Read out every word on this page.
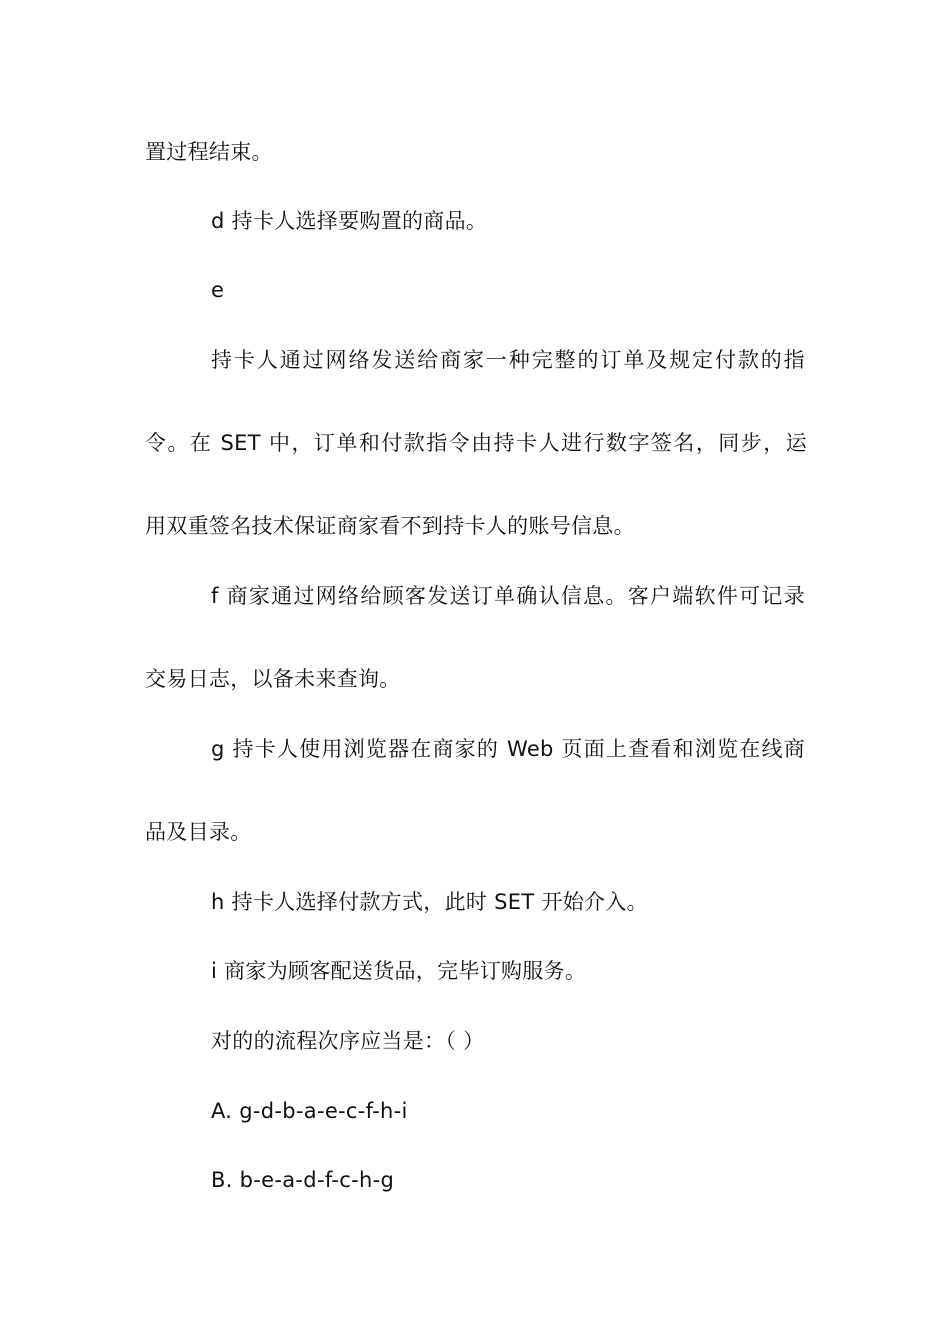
置过程结束。
d 持卡人选择要购置的商品。
e
持卡人通过网络发送给商家一种完整的订单及规定付款的指
令。在 SET 中，订单和付款指令由持卡人进行数字签名，同步，运
用双重签名技术保证商家看不到持卡人的账号信息。
f 商家通过网络给顾客发送订单确认信息。客户端软件可记录
交易日志，以备未来查询。
g 持卡人使用浏览器在商家的 Web 页面上查看和浏览在线商
品及目录。
h 持卡人选择付款方式，此时 SET 开始介入。
i 商家为顾客配送货品，完毕订购服务。
对的的流程次序应当是：（ ）
A. g-d-b-a-e-c-f-h-i
B. b-e-a-d-f-c-h-g
